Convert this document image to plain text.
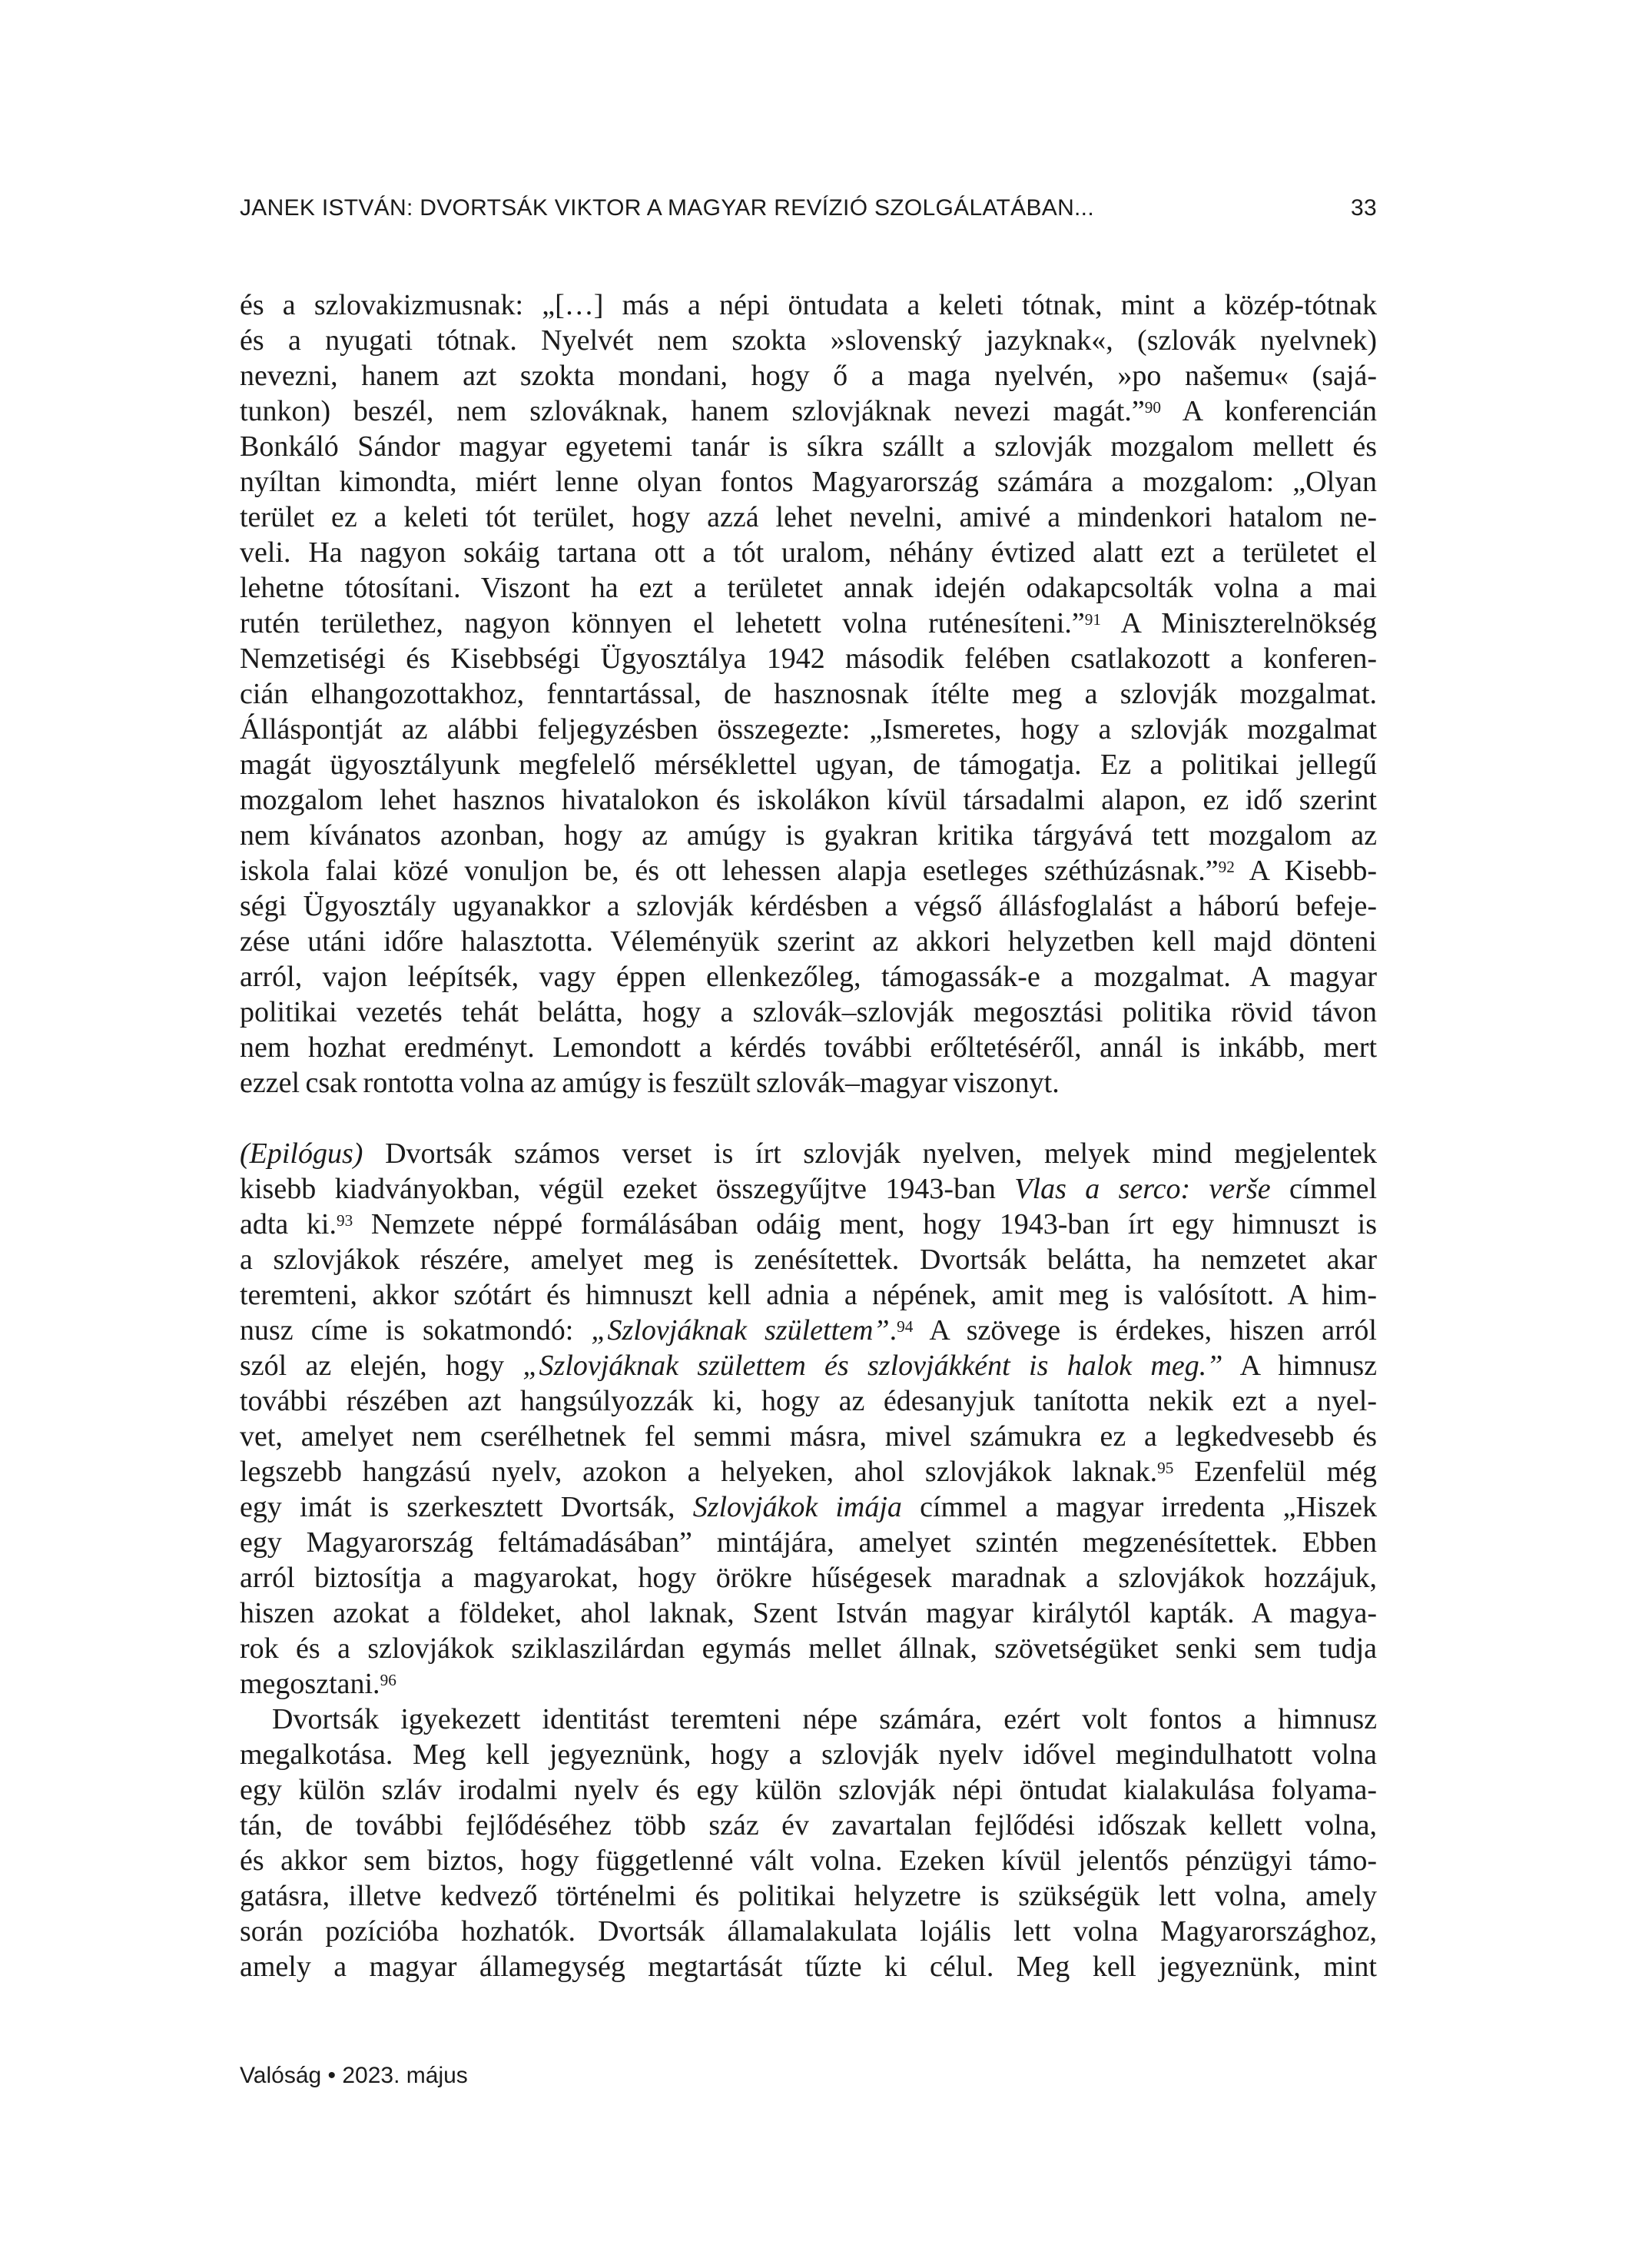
JANEK ISTVÁN: DVORTSÁK VIKTOR A MAGYAR REVÍZIÓ SZOLGÁLATÁBAN...	33
és a szlovakizmusnak: „[…] más a népi öntudata a keleti tótnak, mint a közép-tótnak
és a nyugati tótnak. Nyelvét nem szokta »slovenský jazyknak«, (szlovák nyelvnek)
nevezni, hanem azt szokta mondani, hogy ő a maga nyelvén, »po našemu« (sajá-
tunkon) beszél, nem szlováknak, hanem szlovjáknak nevezi magát.”$^{90}$ A konferencián
Bonkáló Sándor magyar egyetemi tanár is síkra szállt a szlovják mozgalom mellett és
nyíltan kimondta, miért lenne olyan fontos Magyarország számára a mozgalom: „Olyan
terület ez a keleti tót terület, hogy azzá lehet nevelni, amivé a mindenkori hatalom ne-
veli. Ha nagyon sokáig tartana ott a tót uralom, néhány évtized alatt ezt a területet el
lehetne tótosítani. Viszont ha ezt a területet annak idején odakapcsolták volna a mai
rutén területhez, nagyon könnyen el lehetett volna ruténesíteni.”$^{91}$ A Miniszterelnökség
Nemzetiségi és Kisebbségi Ügyosztálya 1942 második felében csatlakozott a konferen-
cián elhangozottakhoz, fenntartással, de hasznosnak ítélte meg a szlovják mozgalmat.
Álláspontját az alábbi feljegyzésben összegezte: „Ismeretes, hogy a szlovják mozgalmat
magát ügyosztályunk megfelelő mérséklettel ugyan, de támogatja. Ez a politikai jellegű
mozgalom lehet hasznos hivatalokon és iskolákon kívül társadalmi alapon, ez idő szerint
nem kívánatos azonban, hogy az amúgy is gyakran kritika tárgyává tett mozgalom az
iskola falai közé vonuljon be, és ott lehessen alapja esetleges széthúzásnak.”$^{92}$ A Kisebb-
ségi Ügyosztály ugyanakkor a szlovják kérdésben a végső állásfoglalást a háború befeje-
zése utáni időre halasztotta. Véleményük szerint az akkori helyzetben kell majd dönteni
arról, vajon leépítsék, vagy éppen ellenkezőleg, támogassák-e a mozgalmat. A magyar
politikai vezetés tehát belátta, hogy a szlovák–szlovják megosztási politika rövid távon
nem hozhat eredményt. Lemondott a kérdés további erőltetéséről, annál is inkább, mert
ezzel csak rontotta volna az amúgy is feszült szlovák–magyar viszonyt.
(Epilógus) Dvortsák számos verset is írt szlovják nyelven, melyek mind megjelentek
kisebb kiadványokban, végül ezeket összegyűjtve 1943-ban Vlas a serco: verše címmel
adta ki.$^{93}$ Nemzete néppé formálásában odáig ment, hogy 1943-ban írt egy himnuszt is
a szlovjákok részére, amelyet meg is zenésítettek. Dvortsák belátta, ha nemzetet akar
teremteni, akkor szótárt és himnuszt kell adnia a népének, amit meg is valósított. A him-
nusz címe is sokatmondó: „Szlovjáknak születtem”.$^{94}$ A szövege is érdekes, hiszen arról
szól az elején, hogy „Szlovjáknak születtem és szlovjákként is halok meg.” A himnusz
további részében azt hangsúlyozzák ki, hogy az édesanyjuk tanította nekik ezt a nyel-
vet, amelyet nem cserélhetnek fel semmi másra, mivel számukra ez a legkedvesebb és
legszebb hangzású nyelv, azokon a helyeken, ahol szlovjákok laknak.$^{95}$ Ezenfelül még
egy imát is szerkesztett Dvortsák, Szlovjákok imája címmel a magyar irredenta „Hiszek
egy Magyarország feltámadásában” mintájára, amelyet szintén megzenésítettek. Ebben
arról biztosítja a magyarokat, hogy örökre hűségesek maradnak a szlovjákok hozzájuk,
hiszen azokat a földeket, ahol laknak, Szent István magyar királytól kapták. A magya-
rok és a szlovjákok sziklaszilárdan egymás mellet állnak, szövetségüket senki sem tudja
megosztani.$^{96}$
Dvortsák igyekezett identitást teremteni népe számára, ezért volt fontos a himnusz
megalkotása. Meg kell jegyeznünk, hogy a szlovják nyelv idővel megindulhatott volna
egy külön szláv irodalmi nyelv és egy külön szlovják népi öntudat kialakulása folyama-
tán, de további fejlődéséhez több száz év zavartalan fejlődési időszak kellett volna,
és akkor sem biztos, hogy függetlenné vált volna. Ezeken kívül jelentős pénzügyi támo-
gatásra, illetve kedvező történelmi és politikai helyzetre is szükségük lett volna, amely
során pozícióba hozhatók. Dvortsák államalakulata lojális lett volna Magyarországhoz,
amely a magyar államegység megtartását tűzte ki célul. Meg kell jegyeznünk, mint
Valóság • 2023. május
